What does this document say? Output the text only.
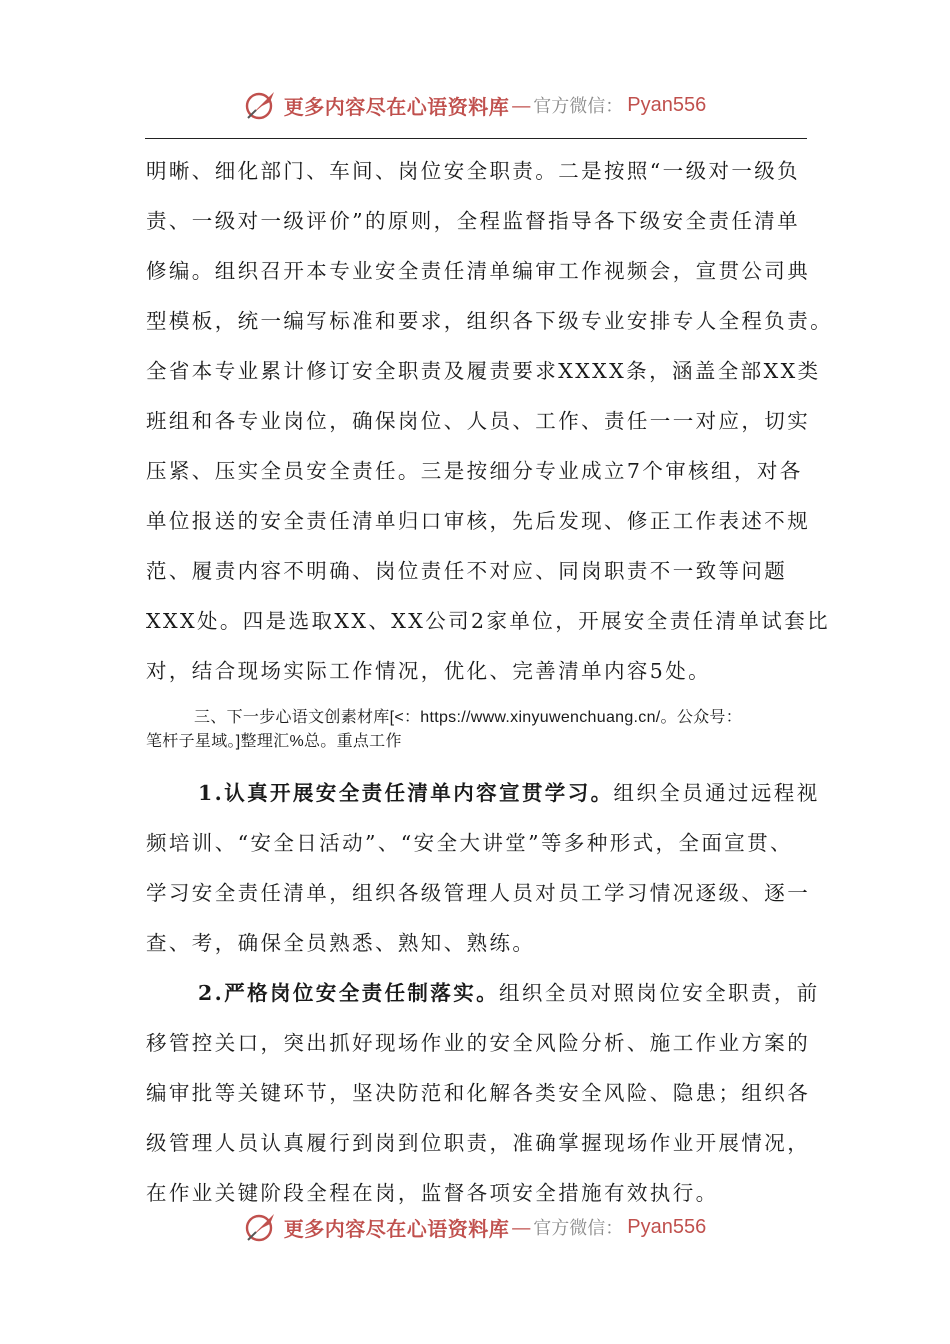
更多内容尽在心语资料库 — 官方微信： Pyan556
明晰、细化部门、车间、岗位安全职责。二是按照“一级对一级负
责、一级对一级评价”的原则，全程监督指导各下级安全责任清单
修编。组织召开本专业安全责任清单编审工作视频会，宣贯公司典
型模板，统一编写标准和要求，组织各下级专业安排专人全程负责。
全省本专业累计修订安全职责及履责要求XXXX条，涵盖全部XX类
班组和各专业岗位，确保岗位、人员、工作、责任一一对应，切实
压紧、压实全员安全责任。三是按细分专业成立7个审核组，对各
单位报送的安全责任清单归口审核，先后发现、修正工作表述不规
范、履责内容不明确、岗位责任不对应、同岗职责不一致等问题
XXX处。四是选取XX、XX公司2家单位，开展安全责任清单试套比
对，结合现场实际工作情况，优化、完善清单内容5处。
三、下一步心语文创素材库[<：https://www.xinyuwenchuang.cn/。公众号：
笔杆子星域。]整理汇%总。重点工作
1.认真开展安全责任清单内容宣贯学习。组织全员通过远程视
频培训、“安全日活动”、“安全大讲堂”等多种形式，全面宣贯、
学习安全责任清单，组织各级管理人员对员工学习情况逐级、逐一
查、考，确保全员熟悉、熟知、熟练。
2.严格岗位安全责任制落实。组织全员对照岗位安全职责，前
移管控关口，突出抓好现场作业的安全风险分析、施工作业方案的
编审批等关键环节，坚决防范和化解各类安全风险、隐患；组织各
级管理人员认真履行到岗到位职责，准确掌握现场作业开展情况，
在作业关键阶段全程在岗，监督各项安全措施有效执行。
更多内容尽在心语资料库 — 官方微信： Pyan556
